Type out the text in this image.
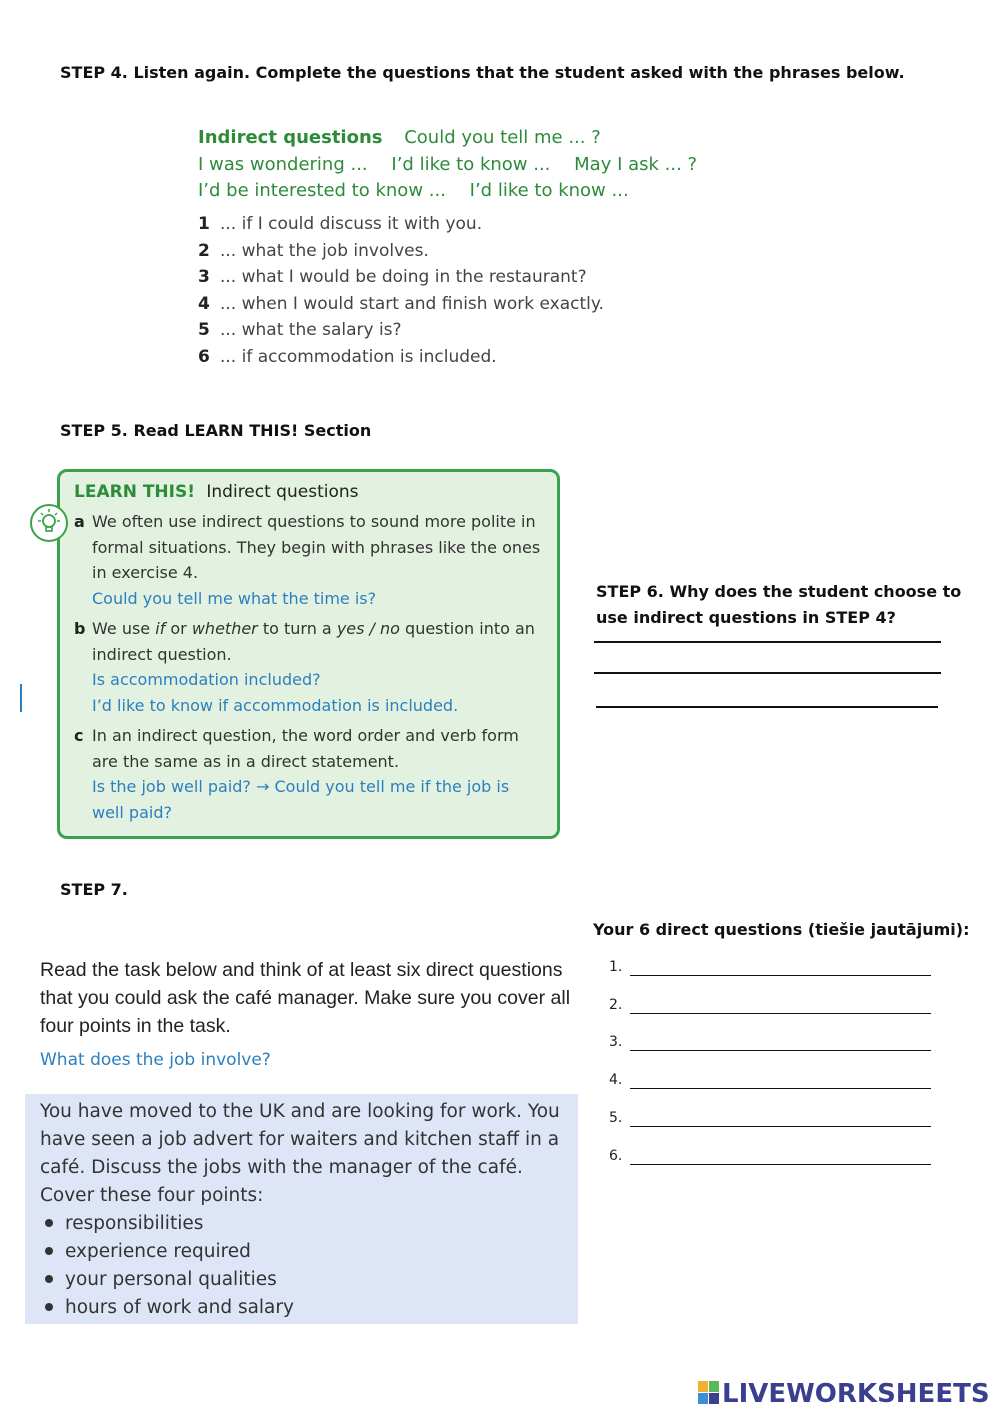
STEP 4. Listen again. Complete the questions that the student asked with the phrases below.
Indirect questions Could you tell me ... ?
I was wondering ... I’d like to know ... May I ask ... ?
I’d be interested to know ... I’d like to know ...
1 ... if I could discuss it with you.
2 ... what the job involves.
3 ... what I would be doing in the restaurant?
4 ... when I would start and finish work exactly.
5 ... what the salary is?
6 ... if accommodation is included.
STEP 5. Read LEARN THIS! Section
LEARN THIS! Indirect questions
a We often use indirect questions to sound more polite in formal situations. They begin with phrases like the ones in exercise 4.
Could you tell me what the time is?
b We use if or whether to turn a yes / no question into an indirect question.
Is accommodation included?
I’d like to know if accommodation is included.
c In an indirect question, the word order and verb form are the same as in a direct statement.
Is the job well paid? → Could you tell me if the job is well paid?
STEP 6. Why does the student choose to
use indirect questions in STEP 4?
STEP 7.
Your 6 direct questions (tiešie jautājumi):
1.
2.
3.
4.
5.
6.
Read the task below and think of at least six direct questions that you could ask the café manager. Make sure you cover all four points in the task.
What does the job involve?
You have moved to the UK and are looking for work. You have seen a job advert for waiters and kitchen staff in a café. Discuss the jobs with the manager of the café. Cover these four points:
responsibilities
experience required
your personal qualities
hours of work and salary
LIVEWORKSHEETS
